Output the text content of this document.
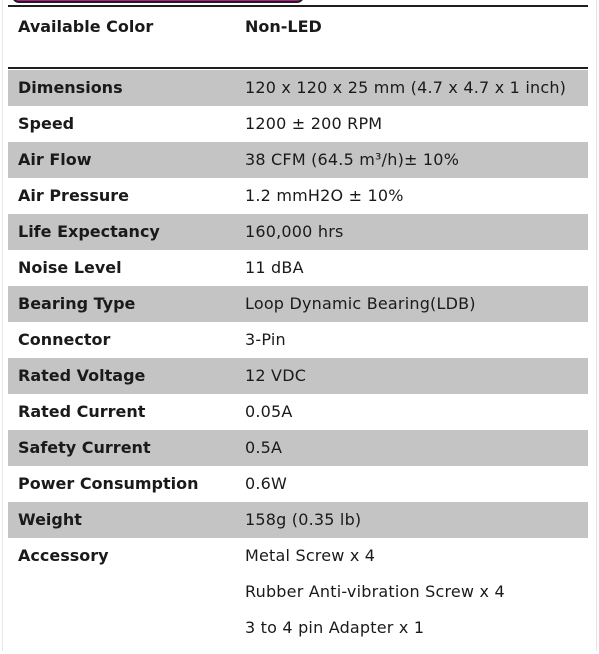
Available Color	Non-LED
Dimensions	120 x 120 x 25 mm (4.7 x 4.7 x 1 inch)
Speed	1200 ± 200 RPM
Air Flow	38 CFM (64.5 m³/h)± 10%
Air Pressure	1.2 mmH2O ± 10%
Life Expectancy	160,000 hrs
Noise Level	11 dBA
Bearing Type	Loop Dynamic Bearing(LDB)
Connector	3-Pin
Rated Voltage	12 VDC
Rated Current	0.05A
Safety Current	0.5A
Power Consumption	0.6W
Weight	158g (0.35 lb)
Accessory	Metal Screw x 4
Rubber Anti-vibration Screw x 4
3 to 4 pin Adapter x 1
